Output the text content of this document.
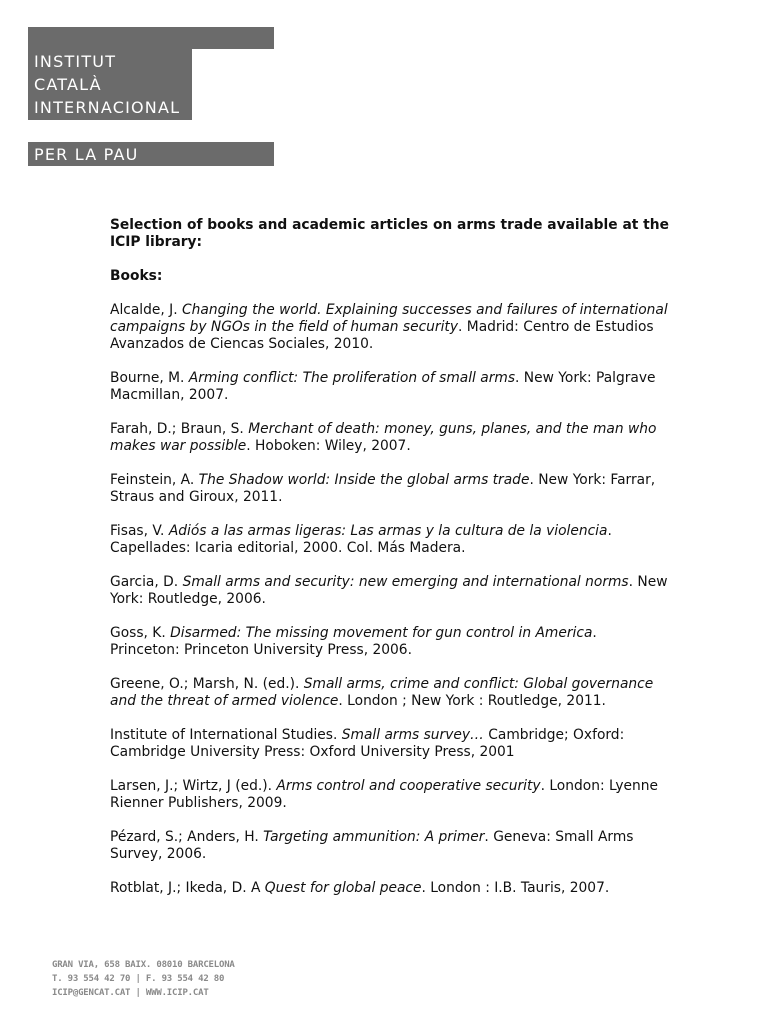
INSTITUT
CATALÀ
INTERNACIONAL
PER LA PAU

Selection of books and academic articles on arms trade available at the ICIP library:

Books:

Alcalde, J. Changing the world. Explaining successes and failures of international campaigns by NGOs in the field of human security. Madrid: Centro de Estudios Avanzados de Ciencas Sociales, 2010.

Bourne, M. Arming conflict: The proliferation of small arms. New York: Palgrave Macmillan, 2007.

Farah, D.; Braun, S. Merchant of death: money, guns, planes, and the man who makes war possible. Hoboken: Wiley, 2007.

Feinstein, A. The Shadow world: Inside the global arms trade. New York: Farrar, Straus and Giroux, 2011.

Fisas, V. Adiós a las armas ligeras: Las armas y la cultura de la violencia. Capellades: Icaria editorial, 2000. Col. Más Madera.

Garcia, D. Small arms and security: new emerging and international norms. New York: Routledge, 2006.

Goss, K. Disarmed: The missing movement for gun control in America. Princeton: Princeton University Press, 2006.

Greene, O.; Marsh, N. (ed.). Small arms, crime and conflict: Global governance and the threat of armed violence. London ; New York : Routledge, 2011.

Institute of International Studies. Small arms survey… Cambridge; Oxford: Cambridge University Press: Oxford University Press, 2001

Larsen, J.; Wirtz, J (ed.). Arms control and cooperative security. London: Lyenne Rienner Publishers, 2009.

Pézard, S.; Anders, H. Targeting ammunition: A primer. Geneva: Small Arms Survey, 2006.

Rotblat, J.; Ikeda, D. A Quest for global peace. London : I.B. Tauris, 2007.

GRAN VIA, 658 BAIX. 08010 BARCELONA
T. 93 554 42 70 | F. 93 554 42 80
ICIP@GENCAT.CAT | WWW.ICIP.CAT
